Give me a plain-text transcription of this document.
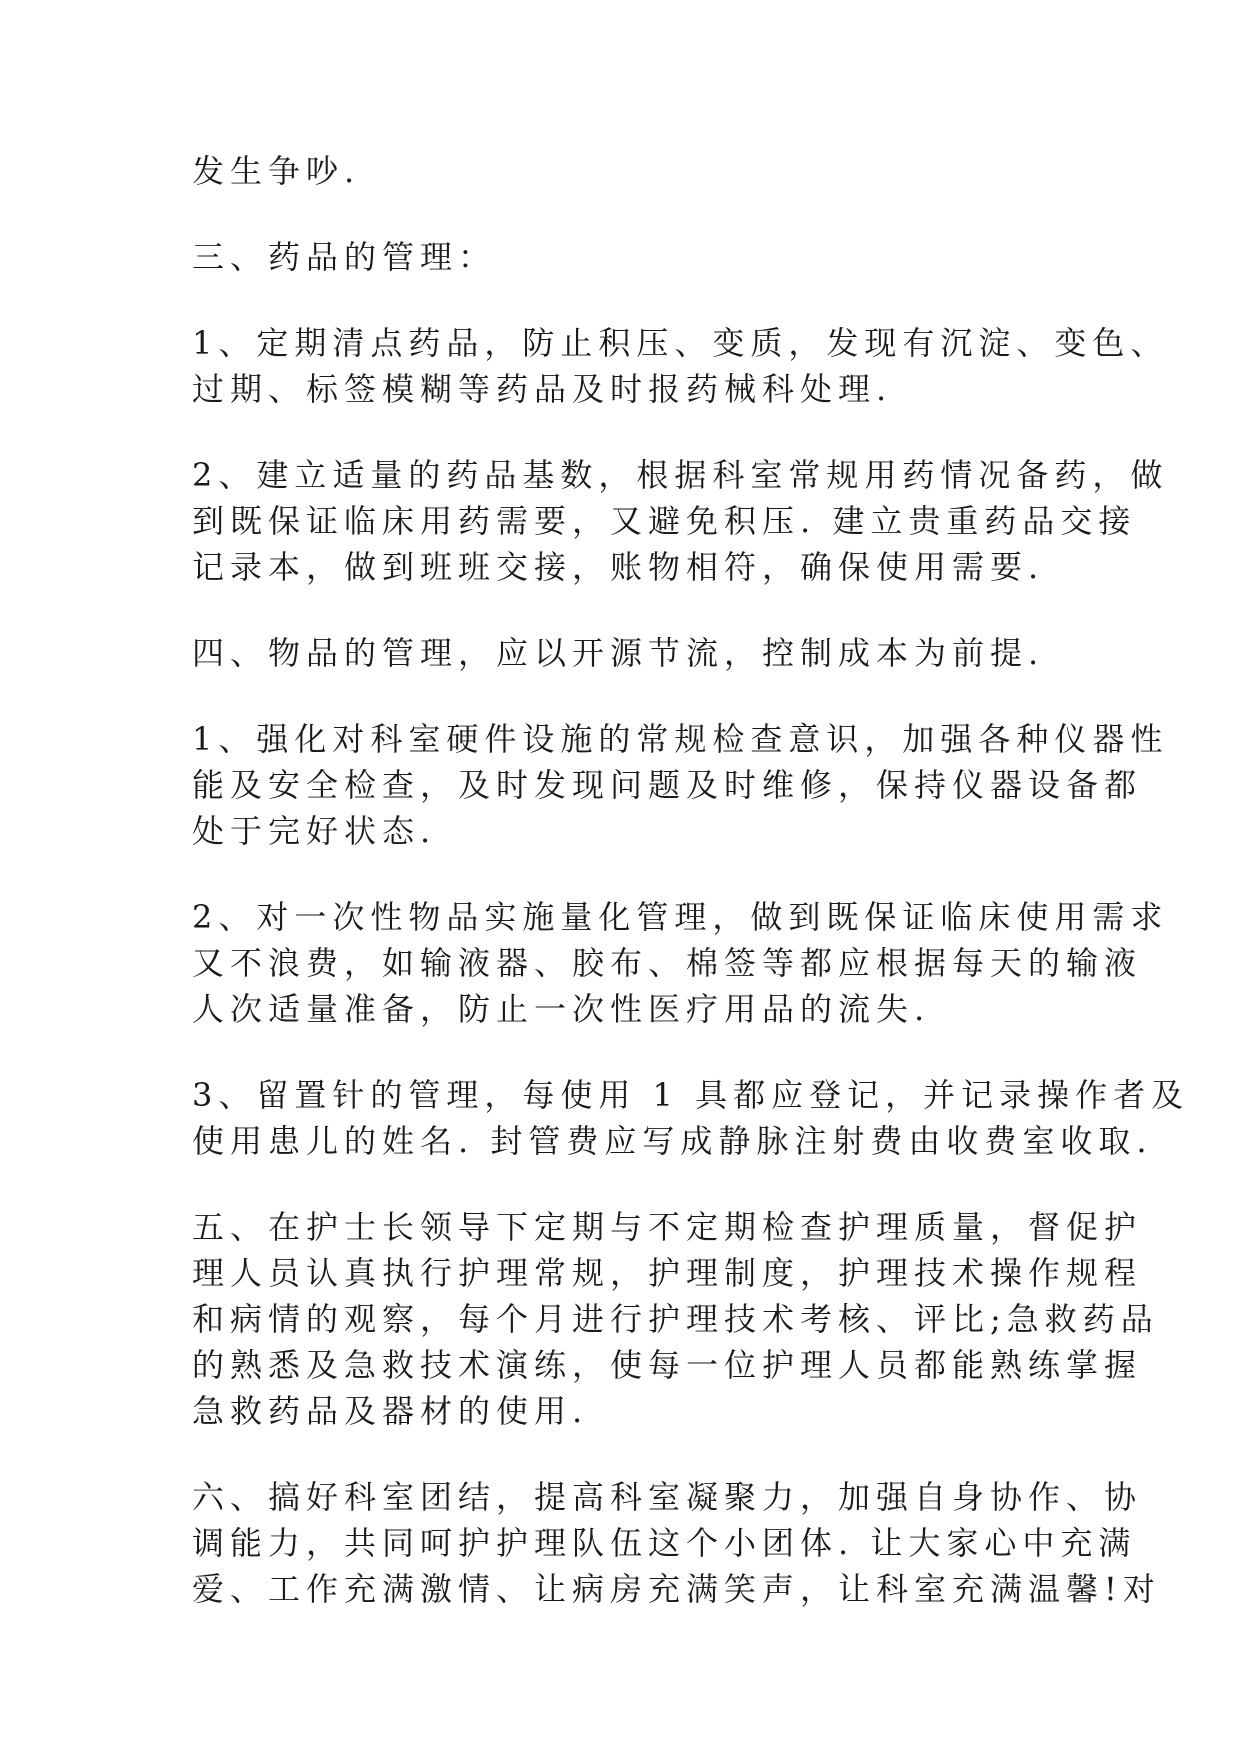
发生争吵.

三、药品的管理：

1、定期清点药品，防止积压、变质，发现有沉淀、变色、
过期、标签模糊等药品及时报药械科处理.

2、建立适量的药品基数，根据科室常规用药情况备药，做
到既保证临床用药需要，又避免积压. 建立贵重药品交接
记录本，做到班班交接，账物相符，确保使用需要.

四、物品的管理，应以开源节流，控制成本为前提.

1、强化对科室硬件设施的常规检查意识，加强各种仪器性
能及安全检查，及时发现问题及时维修，保持仪器设备都
处于完好状态.

2、对一次性物品实施量化管理，做到既保证临床使用需求
又不浪费，如输液器、胶布、棉签等都应根据每天的输液
人次适量准备，防止一次性医疗用品的流失.

3、留置针的管理，每使用 1 具都应登记，并记录操作者及
使用患儿的姓名. 封管费应写成静脉注射费由收费室收取.

五、在护士长领导下定期与不定期检查护理质量，督促护
理人员认真执行护理常规，护理制度，护理技术操作规程
和病情的观察，每个月进行护理技术考核、评比;急救药品
的熟悉及急救技术演练，使每一位护理人员都能熟练掌握
急救药品及器材的使用.

六、搞好科室团结，提高科室凝聚力，加强自身协作、协
调能力，共同呵护护理队伍这个小团体. 让大家心中充满
爱、工作充满激情、让病房充满笑声，让科室充满温馨!对
